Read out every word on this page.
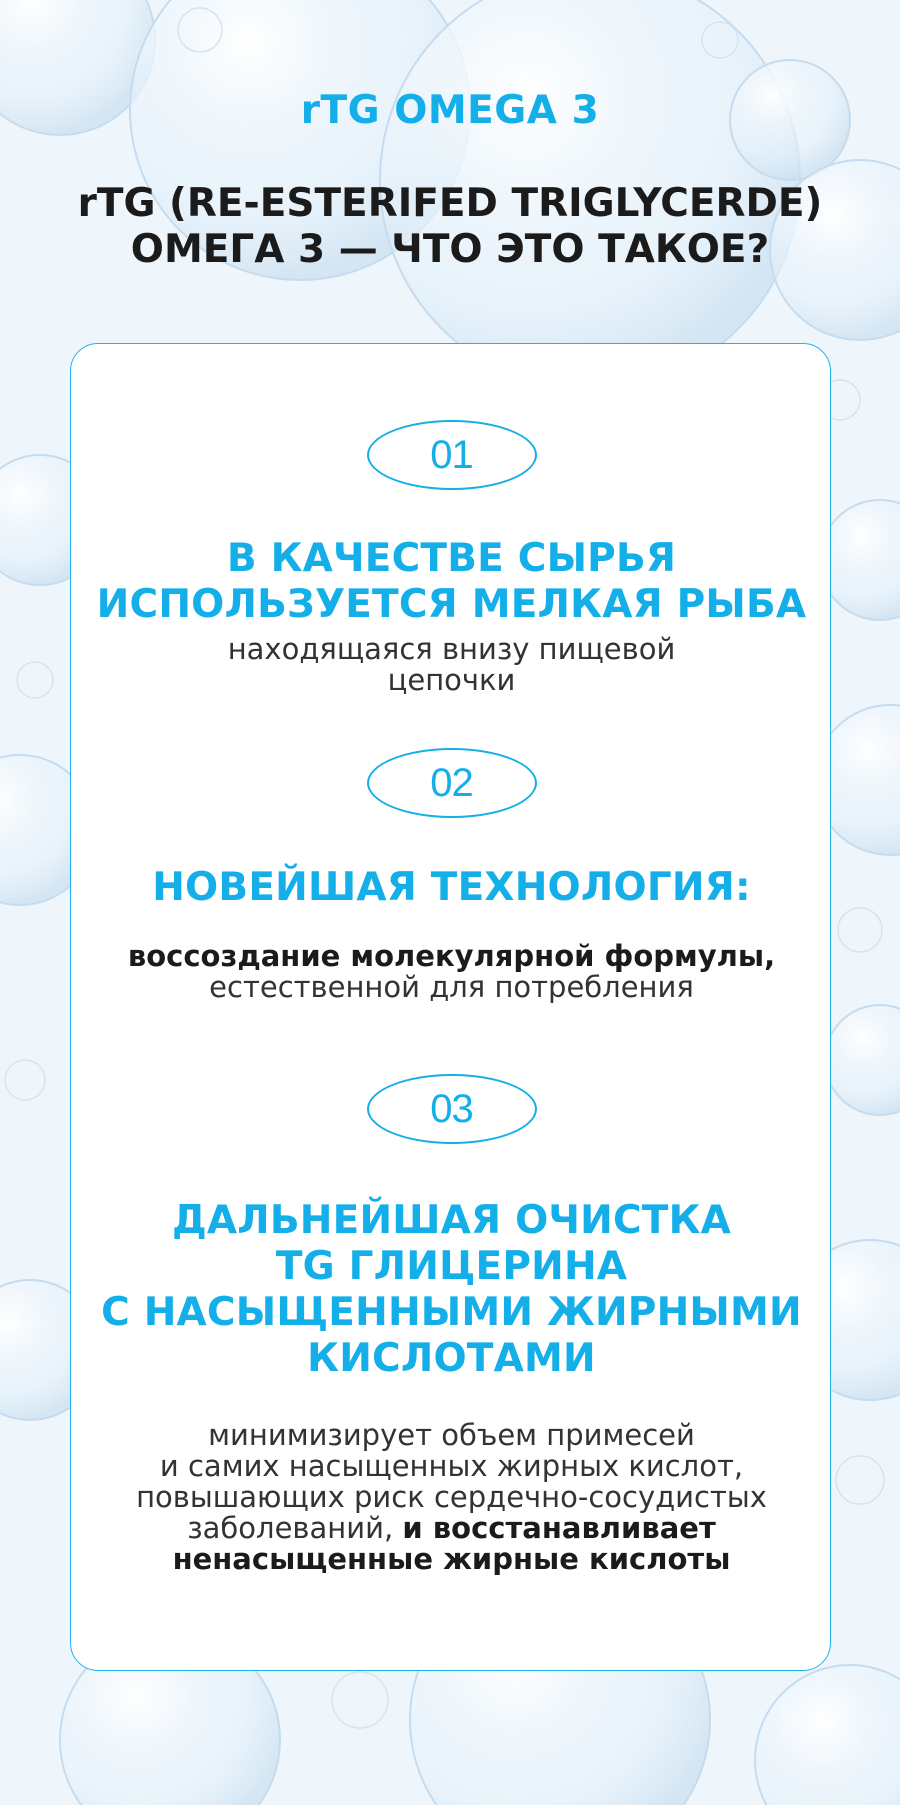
rTG OMEGA 3
rTG (RE-ESTERIFED TRIGLYCERDE)
ОМЕГА 3 — ЧТО ЭТО ТАКОЕ?
01
В КАЧЕСТВЕ СЫРЬЯ
ИСПОЛЬЗУЕТСЯ МЕЛКАЯ РЫБА
находящаяся внизу пищевой
цепочки
02
НОВЕЙШАЯ ТЕХНОЛОГИЯ:
воссоздание молекулярной формулы,
естественной для потребления
03
ДАЛЬНЕЙШАЯ ОЧИСТКА
TG ГЛИЦЕРИНА
С НАСЫЩЕННЫМИ ЖИРНЫМИ
КИСЛОТАМИ
минимизирует объем примесей
и самих насыщенных жирных кислот,
повышающих риск сердечно-сосудистых
заболеваний, и восстанавливает
ненасыщенные жирные кислоты
